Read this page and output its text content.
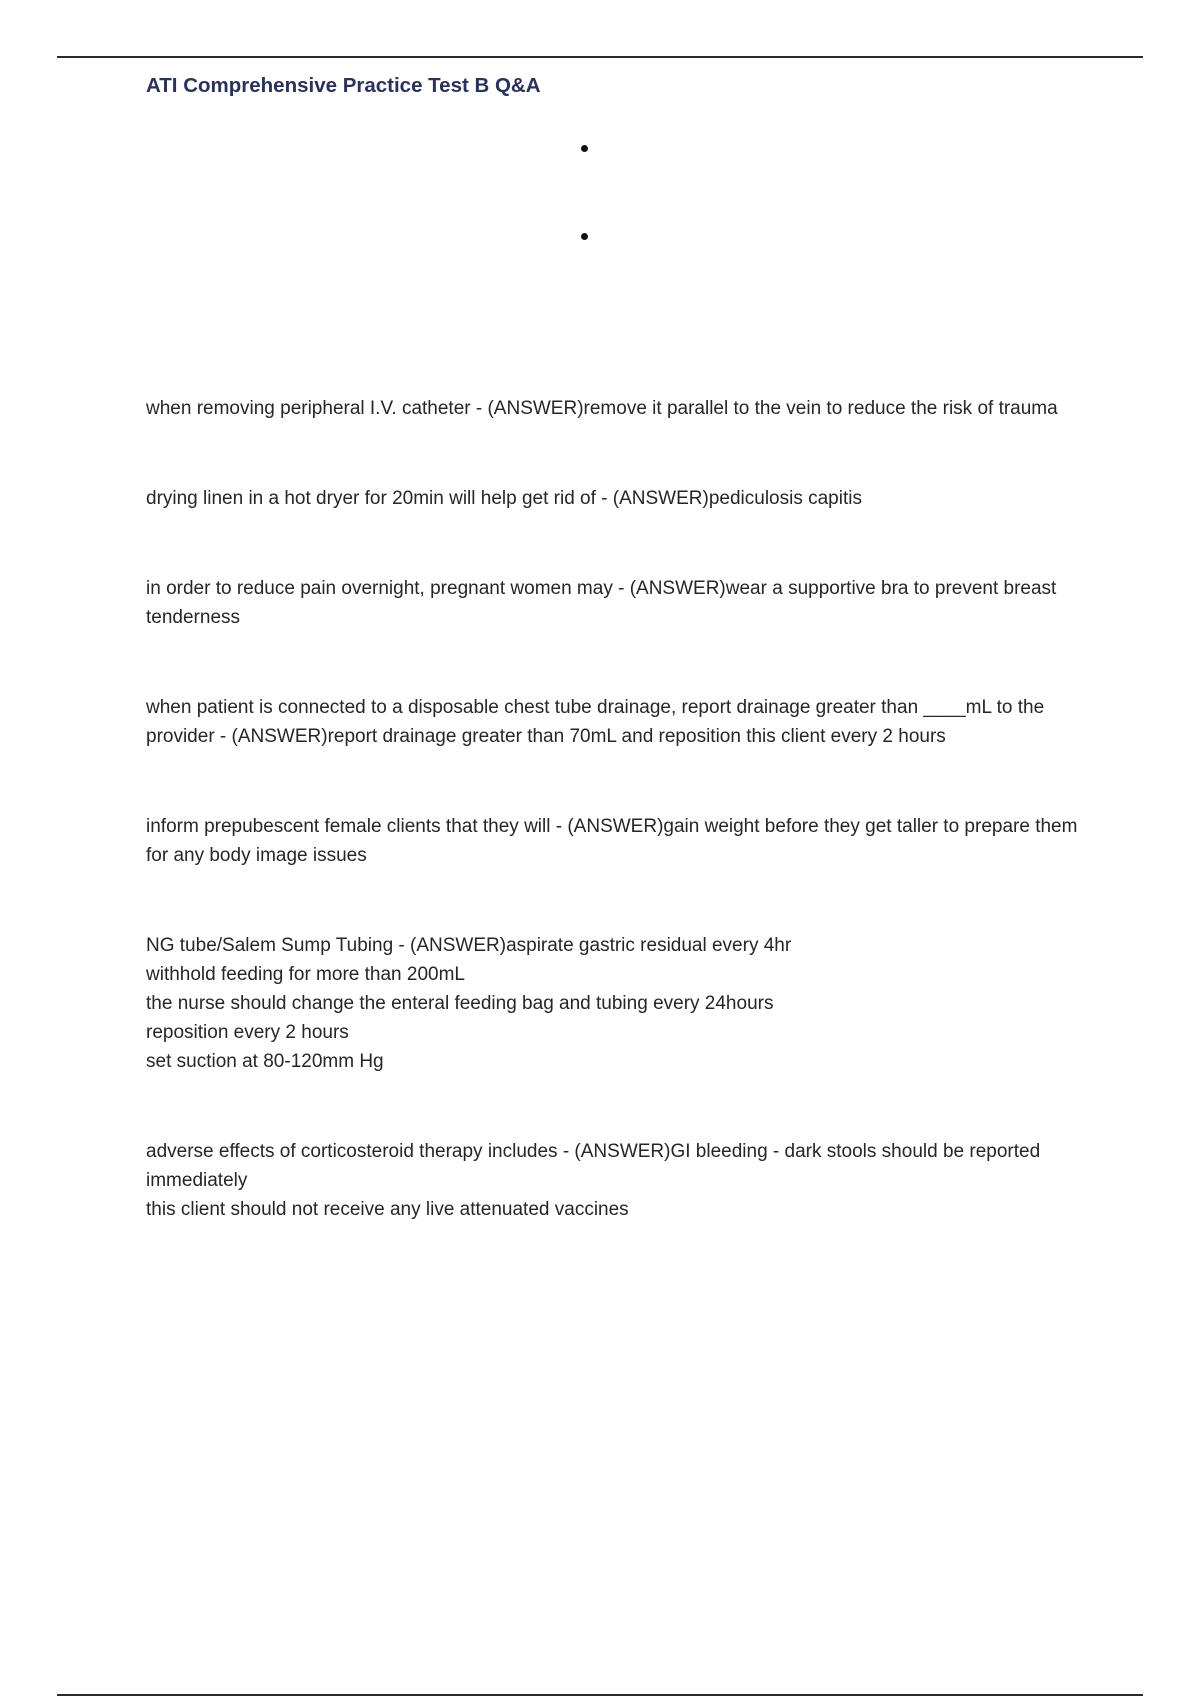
ATI Comprehensive Practice Test B Q&A

when removing peripheral I.V. catheter - (ANSWER)remove it parallel to the vein to reduce the risk of trauma

drying linen in a hot dryer for 20min will help get rid of - (ANSWER)pediculosis capitis

in order to reduce pain overnight, pregnant women may - (ANSWER)wear a supportive bra to prevent breast tenderness

when patient is connected to a disposable chest tube drainage, report drainage greater than ____mL to the provider - (ANSWER)report drainage greater than 70mL and reposition this client every 2 hours

inform prepubescent female clients that they will - (ANSWER)gain weight before they get taller to prepare them for any body image issues

NG tube/Salem Sump Tubing - (ANSWER)aspirate gastric residual every 4hr

withhold feeding for more than 200mL

the nurse should change the enteral feeding bag and tubing every 24hours

reposition every 2 hours

set suction at 80-120mm Hg

adverse effects of corticosteroid therapy includes - (ANSWER)GI bleeding - dark stools should be reported immediately

this client should not receive any live attenuated vaccines
